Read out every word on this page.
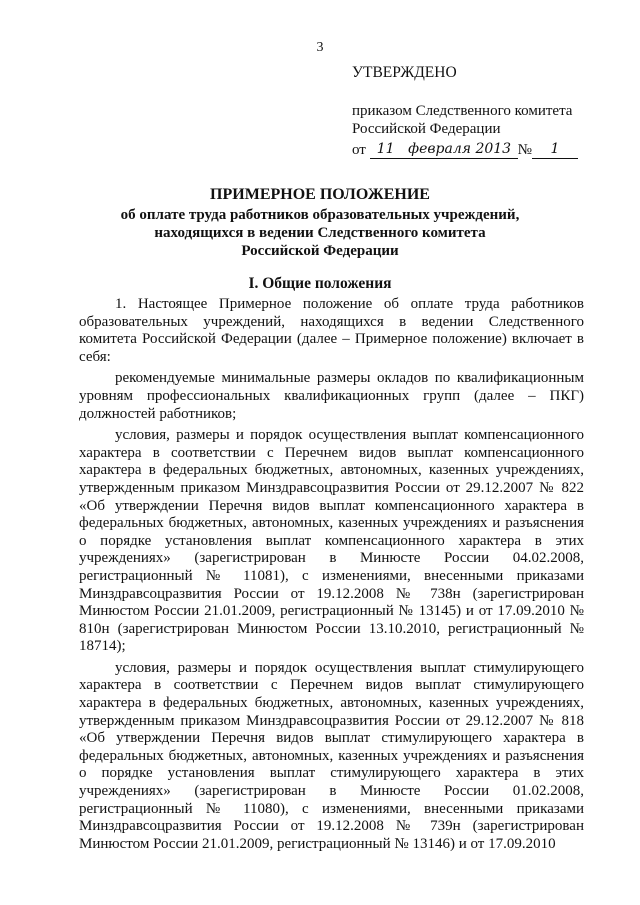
3
УТВЕРЖДЕНО
приказом Следственного комитета
Российской Федерации
от
11 февраля 2013 №	1
ПРИМЕРНОЕ ПОЛОЖЕНИЕ
об оплате труда работников образовательных учреждений,
находящихся в ведении Следственного комитета
Российской Федерации
I. Общие положения

1. Настоящее Примерное положение об оплате труда работников образовательных учреждений, находящихся в ведении Следственного комитета Российской Федерации (далее – Примерное положение) включает в себя:

рекомендуемые минимальные размеры окладов по квалификационным уровням профессиональных квалификационных групп (далее – ПКГ) должностей работников;

условия, размеры и порядок осуществления выплат компенсационного характера в соответствии с Перечнем видов выплат компенсационного характера в федеральных бюджетных, автономных, казенных учреждениях, утвержденным приказом Минздравсоцразвития России от 29.12.2007 № 822 «Об утверждении Перечня видов выплат компенсационного характера в федеральных бюджетных, автономных, казенных учреждениях и разъяснения о порядке установления выплат компенсационного характера в этих учреждениях» (зарегистрирован в Минюсте России 04.02.2008, регистрационный № 11081), с изменениями, внесенными приказами Минздравсоцразвития России от 19.12.2008 № 738н (зарегистрирован Минюстом России 21.01.2009, регистрационный № 13145) и от 17.09.2010 № 810н (зарегистрирован Минюстом России 13.10.2010, регистрационный № 18714);

условия, размеры и порядок осуществления выплат стимулирующего характера в соответствии с Перечнем видов выплат стимулирующего характера в федеральных бюджетных, автономных, казенных учреждениях, утвержденным приказом Минздравсоцразвития России от 29.12.2007 № 818 «Об утверждении Перечня видов выплат стимулирующего характера в федеральных бюджетных, автономных, казенных учреждениях и разъяснения о порядке установления выплат стимулирующего характера в этих учреждениях» (зарегистрирован в Минюсте России 01.02.2008, регистрационный № 11080), с изменениями, внесенными приказами Минздравсоцразвития России от 19.12.2008 № 739н (зарегистрирован Минюстом России 21.01.2009, регистрационный № 13146) и от 17.09.2010
